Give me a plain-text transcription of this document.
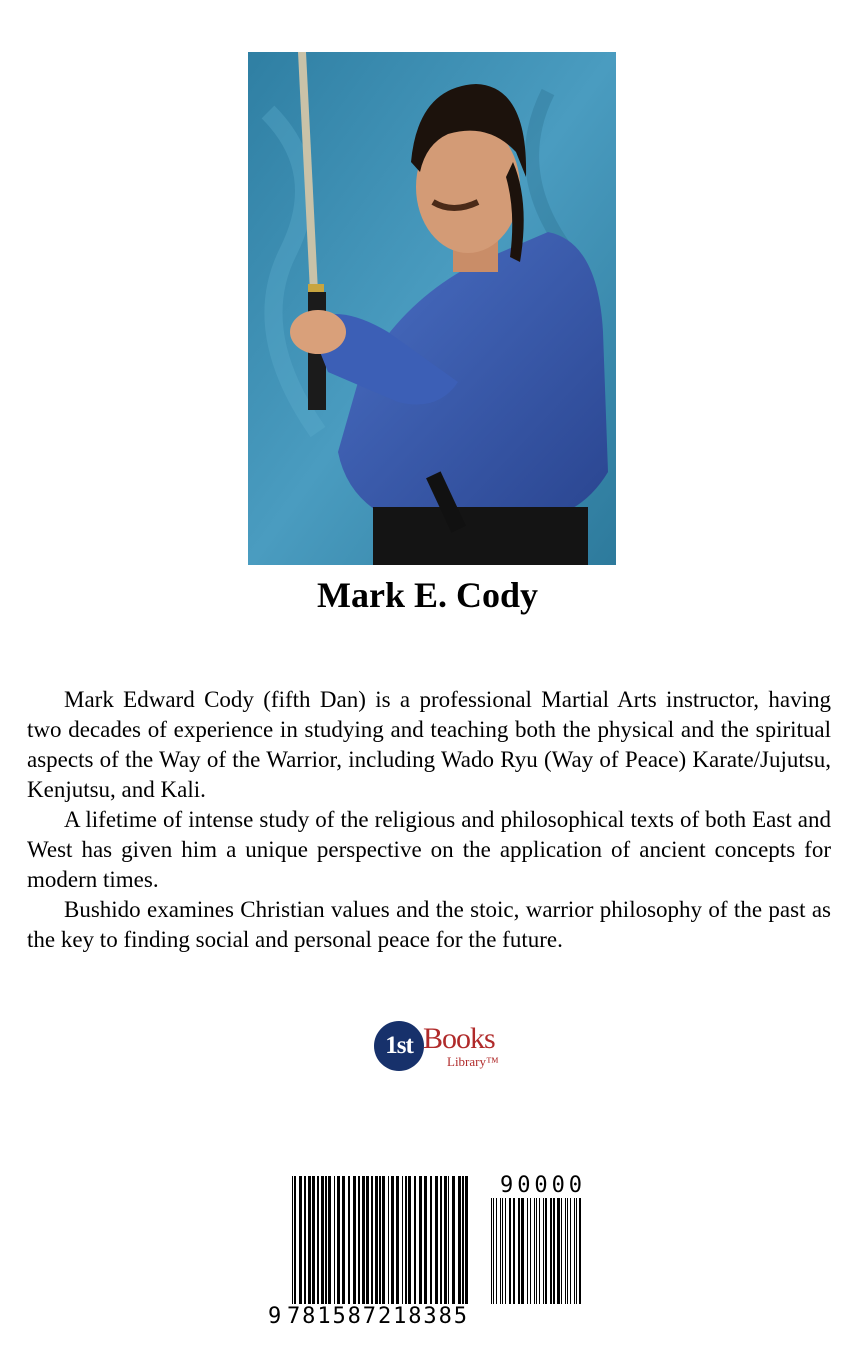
Mark E. Cody

Mark Edward Cody (fifth Dan) is a professional Martial Arts instructor, having two decades of experience in studying and teaching both the physical and the spiritual aspects of the Way of the Warrior, including Wado Ryu (Way of Peace) Karate/Jujutsu, Kenjutsu, and Kali.

A lifetime of intense study of the religious and philosophical texts of both East and West has given him a unique perspective on the application of ancient concepts for modern times.

Bushido examines Christian values and the stoic, warrior philosophy of the past as the key to finding social and personal peace for the future.

1st Books
Library™
9 781587218385
90000
